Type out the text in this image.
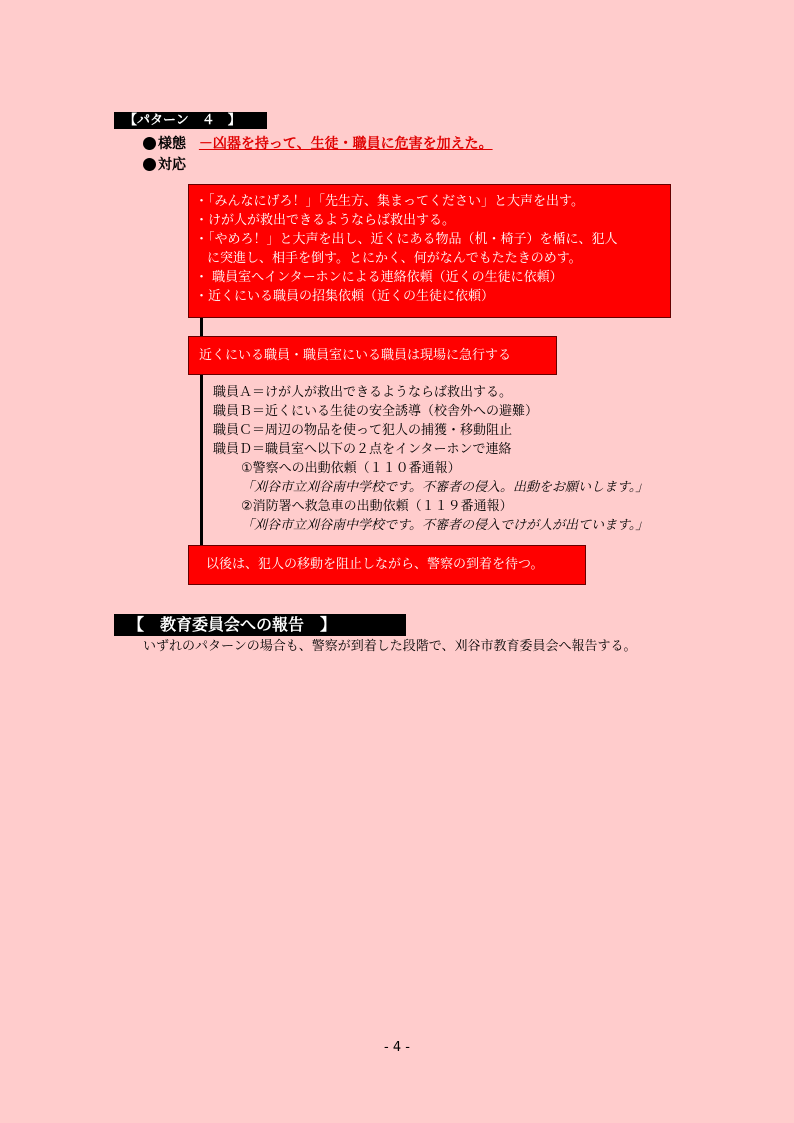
【パターン　４　】
様態 －凶器を持って、生徒・職員に危害を加えた。
対応
・「みんなにげろ！」「先生方、集まってください」と大声を出す。
・けが人が救出できるようならば救出する。
・「やめろ！」と大声を出し、近くにある物品（机・椅子）を楯に、犯人
に突進し、相手を倒す。とにかく、何がなんでもたたきのめす。
・ 職員室へインターホンによる連絡依頼（近くの生徒に依頼）
・近くにいる職員の招集依頼（近くの生徒に依頼）
近くにいる職員・職員室にいる職員は現場に急行する
職員Ａ＝けが人が救出できるようならば救出する。
職員Ｂ＝近くにいる生徒の安全誘導（校舎外への避難）
職員Ｃ＝周辺の物品を使って犯人の捕獲・移動阻止
職員Ｄ＝職員室へ以下の２点をインターホンで連絡
①警察への出動依頼（１１０番通報）
「刈谷市立刈谷南中学校です。不審者の侵入。出動をお願いします。」
②消防署へ救急車の出動依頼（１１９番通報）
「刈谷市立刈谷南中学校です。不審者の侵入でけが人が出ています。」
以後は、犯人の移動を阻止しながら、警察の到着を待つ。
【　教育委員会への報告　】
いずれのパターンの場合も、警察が到着した段階で、刈谷市教育委員会へ報告する。
- 4 -
